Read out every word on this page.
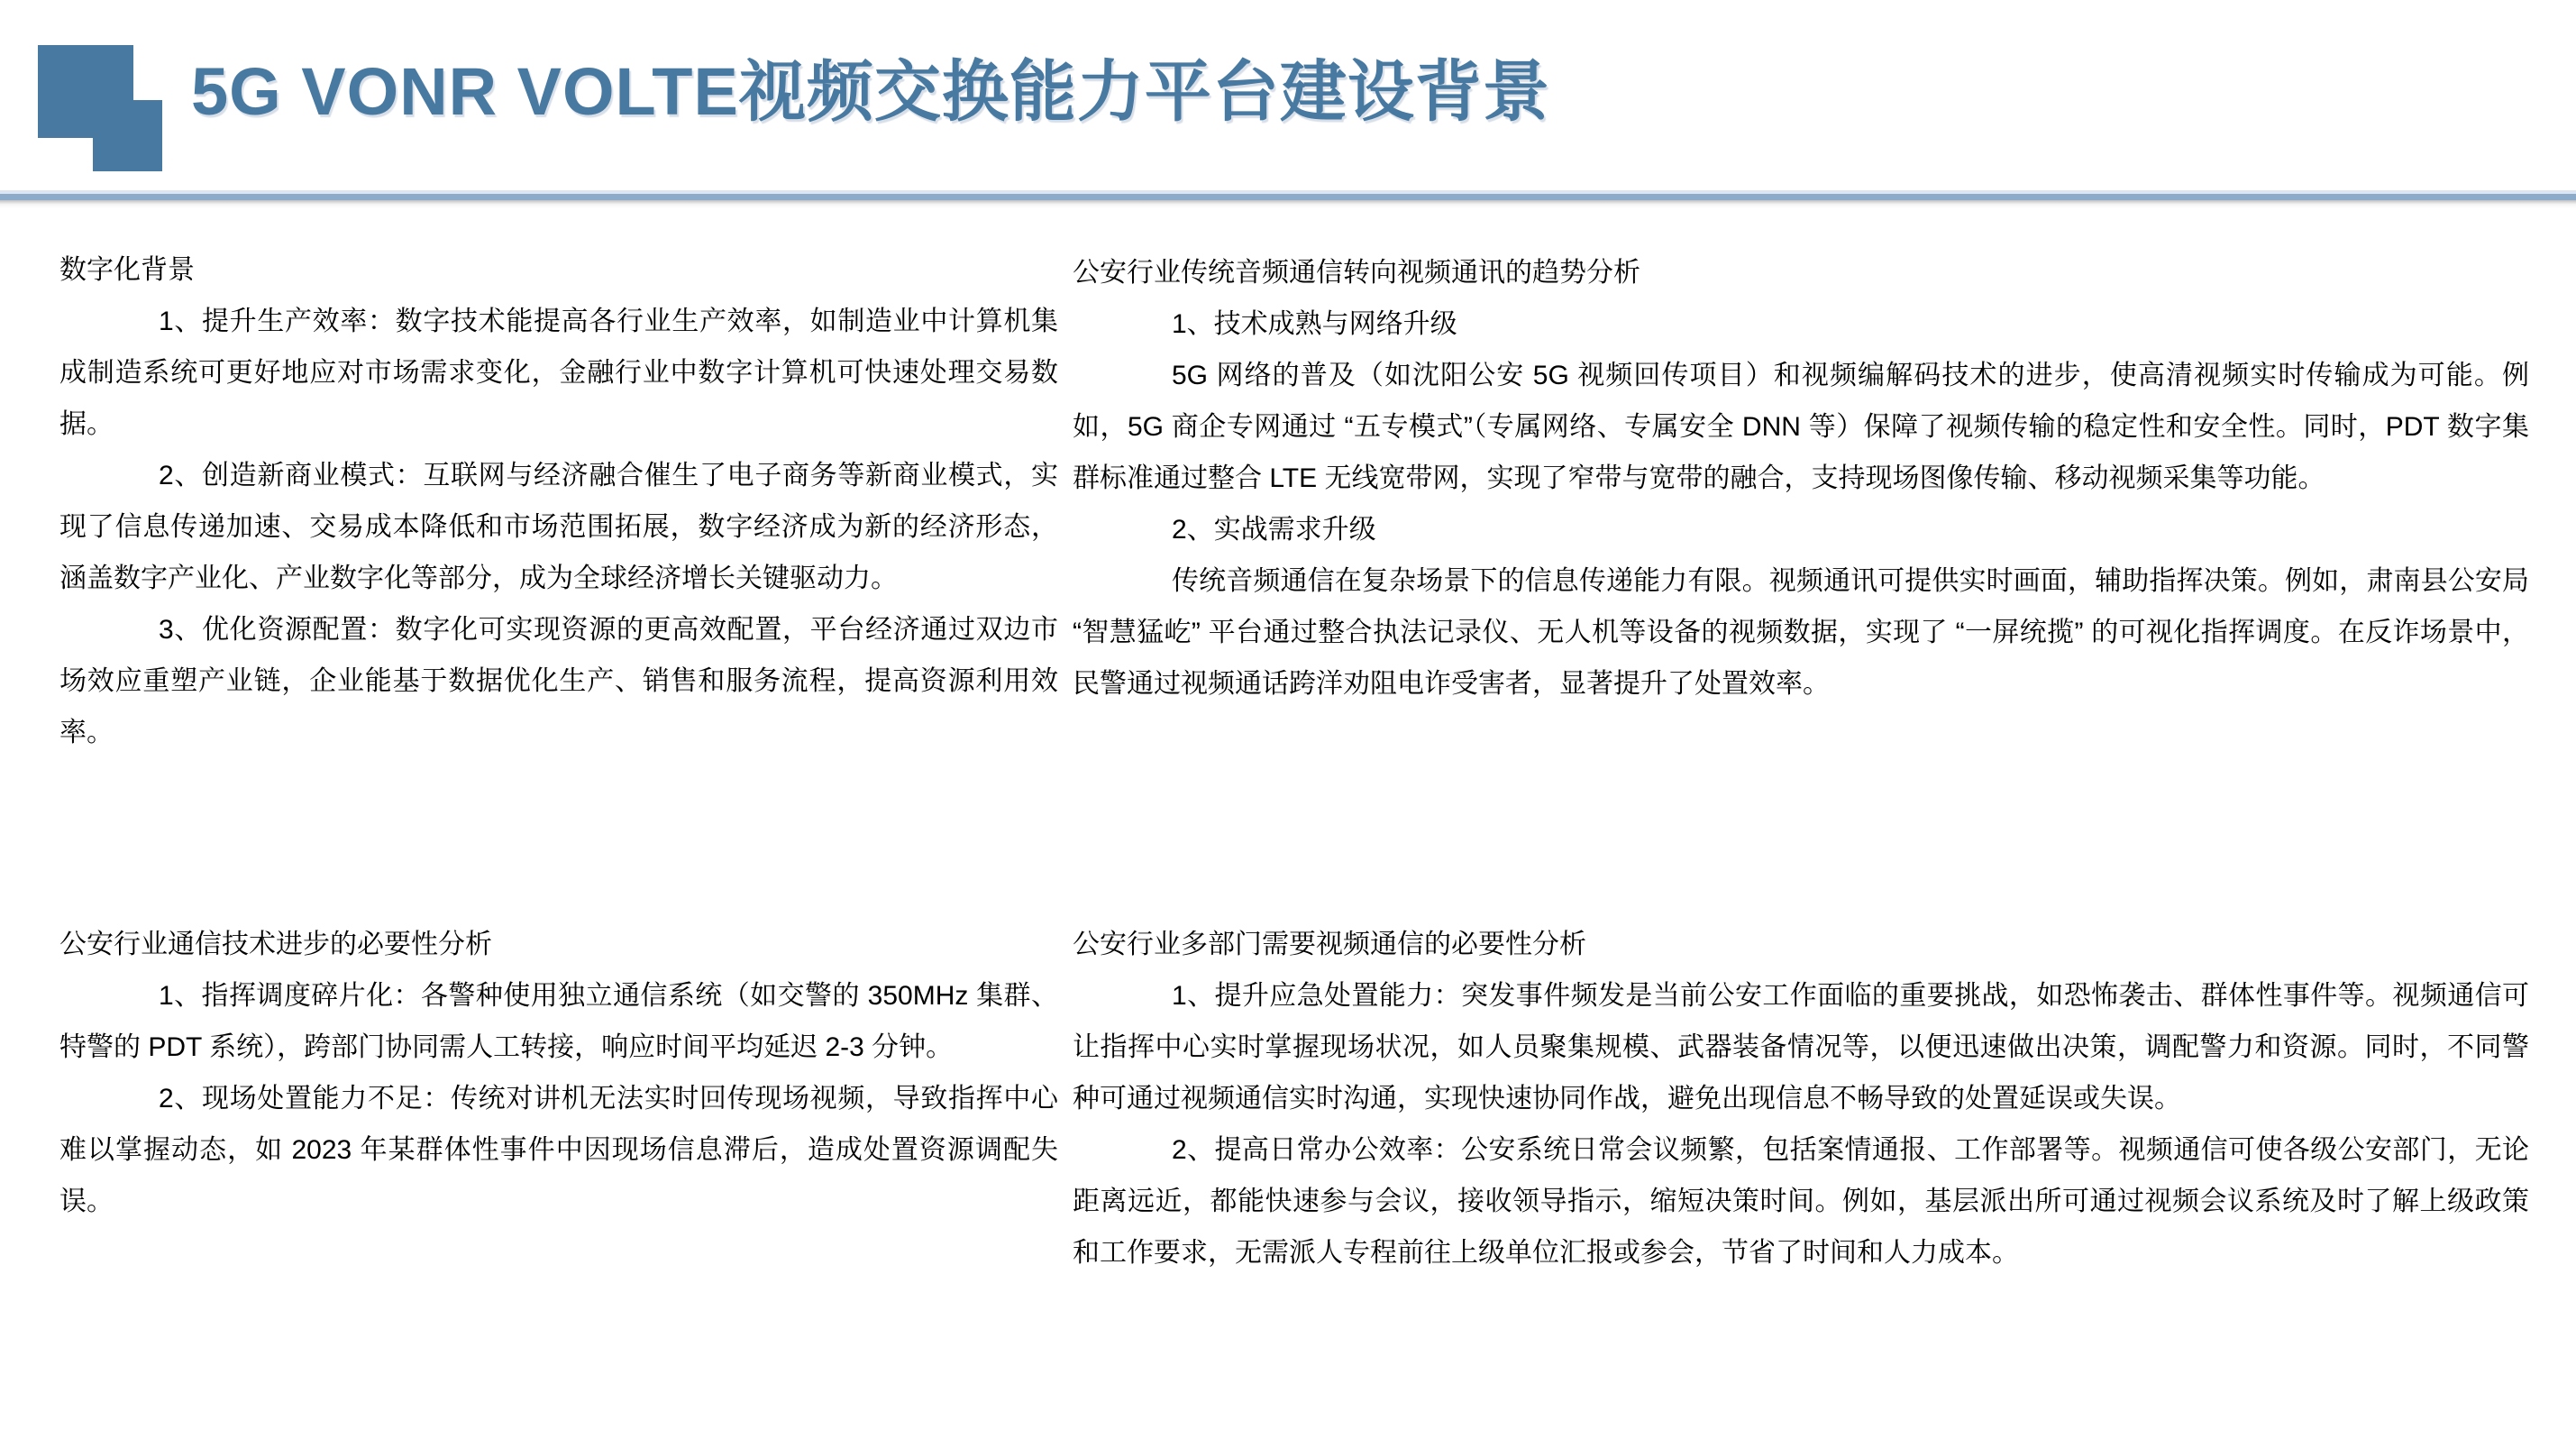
5G VONR VOLTE视频交换能力平台建设背景

数字化背景

1、提升生产效率：数字技术能提高各行业生产效率，如制造业中计算机集成制造系统可更好地应对市场需求变化，金融行业中数字计算机可快速处理交易数据。

2、创造新商业模式：互联网与经济融合催生了电子商务等新商业模式，实现了信息传递加速、交易成本降低和市场范围拓展，数字经济成为新的经济形态，涵盖数字产业化、产业数字化等部分，成为全球经济增长关键驱动力。

3、优化资源配置：数字化可实现资源的更高效配置，平台经济通过双边市场效应重塑产业链，企业能基于数据优化生产、销售和服务流程，提高资源利用效率。

公安行业通信技术进步的必要性分析

1、指挥调度碎片化：各警种使用独立通信系统（如交警的 350MHz 集群、特警的 PDT 系统），跨部门协同需人工转接，响应时间平均延迟 2-3 分钟。

2、现场处置能力不足：传统对讲机无法实时回传现场视频，导致指挥中心难以掌握动态，如 2023 年某群体性事件中因现场信息滞后，造成处置资源调配失误。

公安行业传统音频通信转向视频通讯的趋势分析

1、技术成熟与网络升级

5G 网络的普及（如沈阳公安 5G 视频回传项目）和视频编解码技术的进步，使高清视频实时传输成为可能。例如，5G 商企专网通过 “五专模式”（专属网络、专属安全 DNN 等）保障了视频传输的稳定性和安全性。同时，PDT 数字集群标准通过整合 LTE 无线宽带网，实现了窄带与宽带的融合，支持现场图像传输、移动视频采集等功能。

2、实战需求升级

传统音频通信在复杂场景下的信息传递能力有限。视频通讯可提供实时画面，辅助指挥决策。例如，肃南县公安局 “智慧猛屹” 平台通过整合执法记录仪、无人机等设备的视频数据，实现了 “一屏统揽” 的可视化指挥调度。在反诈场景中，民警通过视频通话跨洋劝阻电诈受害者，显著提升了处置效率。

公安行业多部门需要视频通信的必要性分析

1、提升应急处置能力：突发事件频发是当前公安工作面临的重要挑战，如恐怖袭击、群体性事件等。视频通信可让指挥中心实时掌握现场状况，如人员聚集规模、武器装备情况等，以便迅速做出决策，调配警力和资源。同时，不同警种可通过视频通信实时沟通，实现快速协同作战，避免出现信息不畅导致的处置延误或失误。

2、提高日常办公效率：公安系统日常会议频繁，包括案情通报、工作部署等。视频通信可使各级公安部门，无论距离远近，都能快速参与会议，接收领导指示，缩短决策时间。例如，基层派出所可通过视频会议系统及时了解上级政策和工作要求，无需派人专程前往上级单位汇报或参会，节省了时间和人力成本。
